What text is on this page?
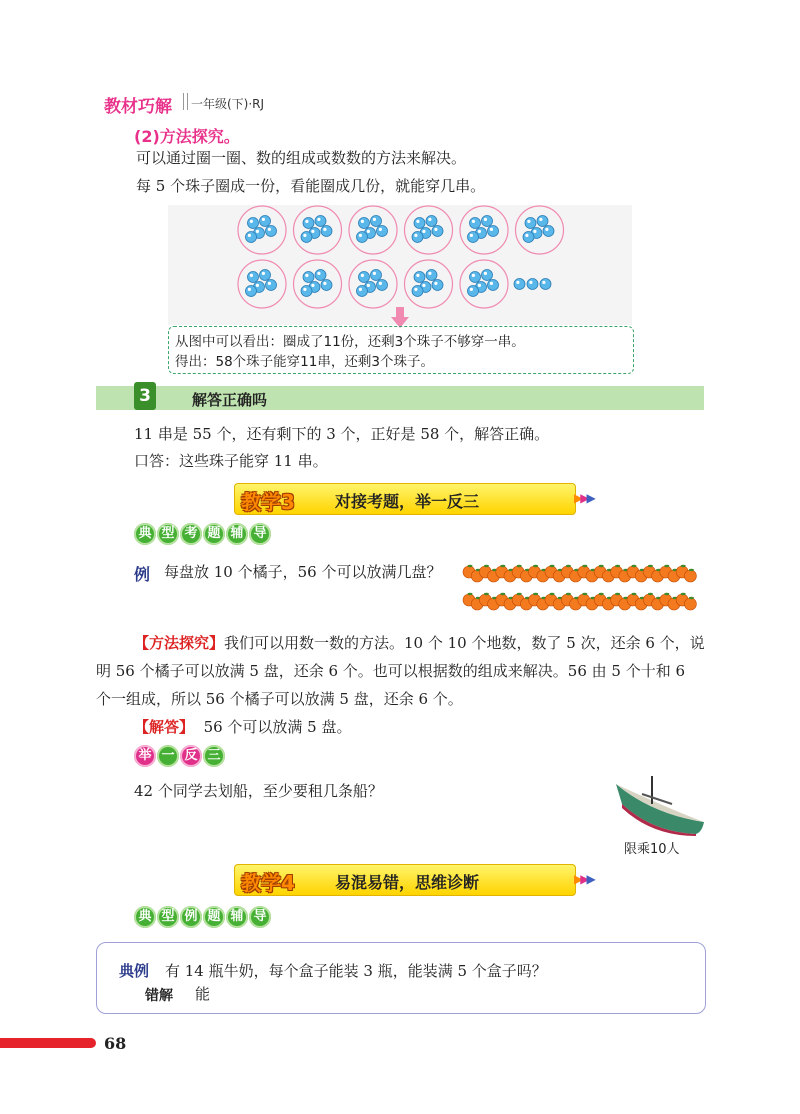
教材巧解 一年级(下)·RJ
(2)方法探究。
可以通过圈一圈、数的组成或数数的方法来解决。
每 5 个珠子圈成一份，看能圈成几份，就能穿几串。
从图中可以看出：圈成了11份，还剩3个珠子不够穿一串。
得出：58个珠子能穿11串，还剩3个珠子。
3	解答正确吗
11 串是 55 个，还有剩下的 3 个，正好是 58 个，解答正确。
口答：这些珠子能穿 11 串。
教学3	对接考题，举一反三	▶▶▶
典 型 考 题 辅 导
例 每盘放 10 个橘子，56 个可以放满几盘？
【方法探究】我们可以用数一数的方法。10 个 10 个地数，数了 5 次，还余 6 个，说
明 56 个橘子可以放满 5 盘，还余 6 个。也可以根据数的组成来解决。56 由 5 个十和 6
个一组成，所以 56 个橘子可以放满 5 盘，还余 6 个。
【解答】 56 个可以放满 5 盘。
举 一 反 三
42 个同学去划船，至少要租几条船？
限乘10人
教学4	易混易错，思维诊断	▶▶▶
典 型 例 题 辅 导
典例 有 14 瓶牛奶，每个盒子能装 3 瓶，能装满 5 个盒子吗？
错解 能
68
